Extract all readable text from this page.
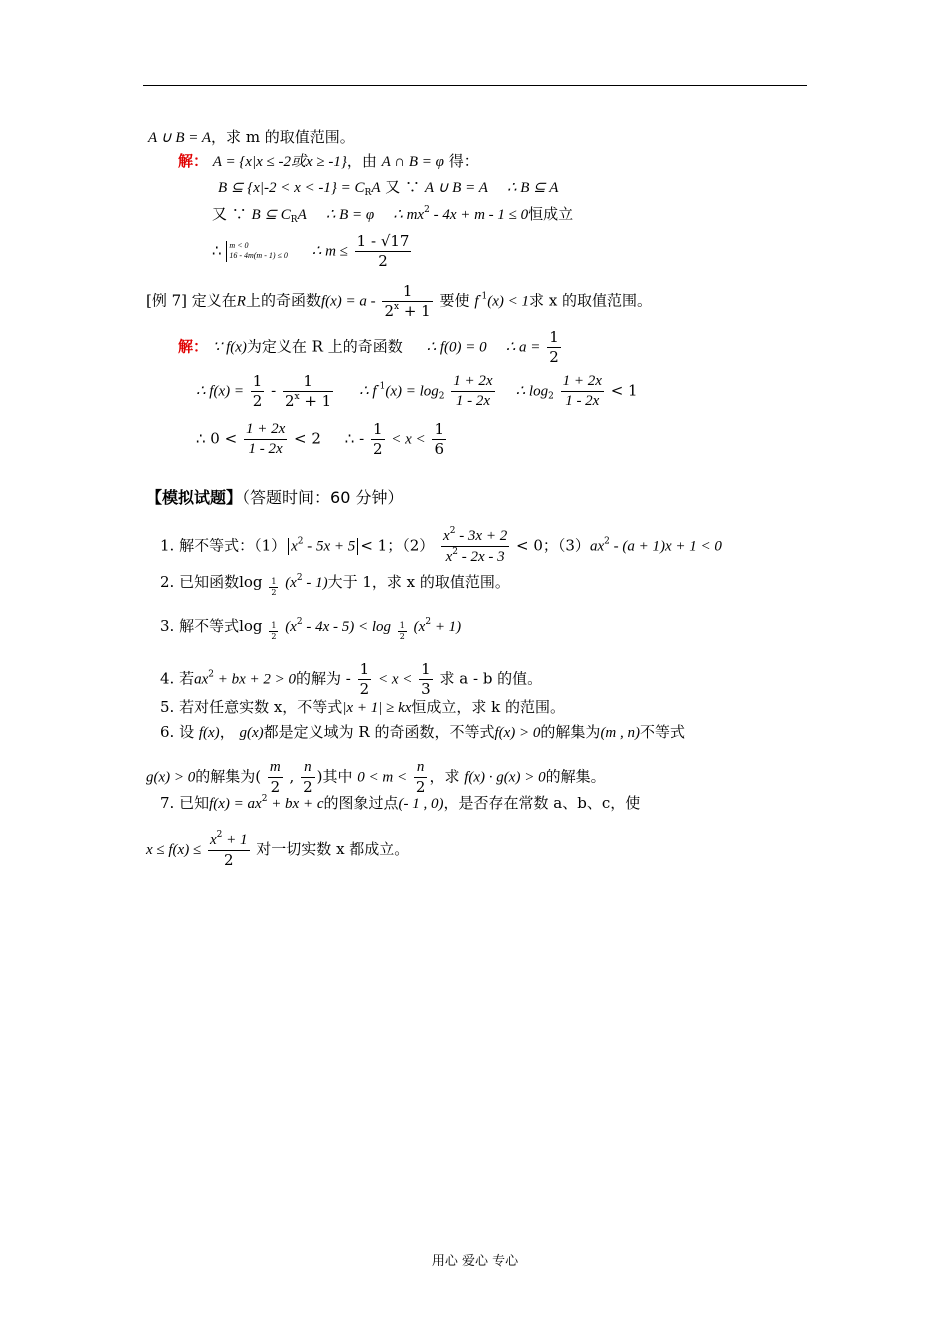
A ∪ B = A，求 m 的取值范围。
解： A = {x|x ≤ -2或x ≥ -1}，由 A ∩ B = φ 得：
B ⊆ $\{x|-2 < x < -1\} = C_RA$ 又 ∵ A ∪ B = A ∴ B ⊆ A
又 ∵ B ⊆ $C_RA$ ∴ B = φ ∴ $mx^2 - 4x + m - 1 \le 0$恒成立
∴ m < 0
16 - 4m(m - 1) ≤ 0 ∴ $m \le \frac{1 - √17}{2}$
[例 7] 定义在R上的奇函数$f(x) = a - \frac{1}{2^x + 1}$ 要使 $f^{-1}(x) < 1$求 x 的取值范围。
解： ∵ f(x)为定义在 R 上的奇函数 ∴ f(0) = 0 ∴ $a = \frac{1}{2}$
∴ $f(x) = \frac{1}{2} - \frac{1}{2^x + 1}$ ∴ $f^{-1}(x) = \log_2 \frac{1 + 2x}{1 - 2x}$ ∴ $\log_2 \frac{1 + 2x}{1 - 2x} < 1$
∴ $0 < \frac{1 + 2x}{1 - 2x} < 2$ ∴ - $\frac{1}{2} < x < \frac{1}{6}$
【模拟试题】（答题时间：60 分钟）
1. 解不等式：（1） $x^2 - 5x + 5 < 1$；$(2) \frac{x^2 - 3x + 2}{x^2 - 2x - 3} < 0$；$(3)ax^2 - (a + 1)x + 1 < 0$
2. 已知函数$\log \frac{1}{2} (x^2 - 1)$大于 1，求 x 的取值范围。
3. 解不等式$\log \frac{1}{2} (x^2 - 4x - 5) < \log \frac{1}{2} (x^2 + 1)$
4. 若$ax^2$ + bx + 2 > 0的解为 - $\frac{1}{2} < x < \frac{1}{3}$ 求 a - b 的值。
5. 若对任意实数 x，不等式|x + 1| ≥ kx恒成立，求 k 的范围。
6. 设 f(x)， g(x)都是定义域为 R 的奇函数，不等式f(x) > 0的解集为(m , n)不等式
g(x) > 0的解集为( $\frac{m}{2}$ , $\frac{n}{2}$ )其中 $0 < m < \frac{n}{2}$ ，求 f(x) · g(x) > 0的解集。
7. 已知$f(x) = ax^2$ + bx + c的图象过点(- 1 , 0)，是否存在常数 a、b、c，使
$x \le f(x) \le \frac{x^2 + 1}{2}$ 对一切实数 x 都成立。
用心 爱心 专心
